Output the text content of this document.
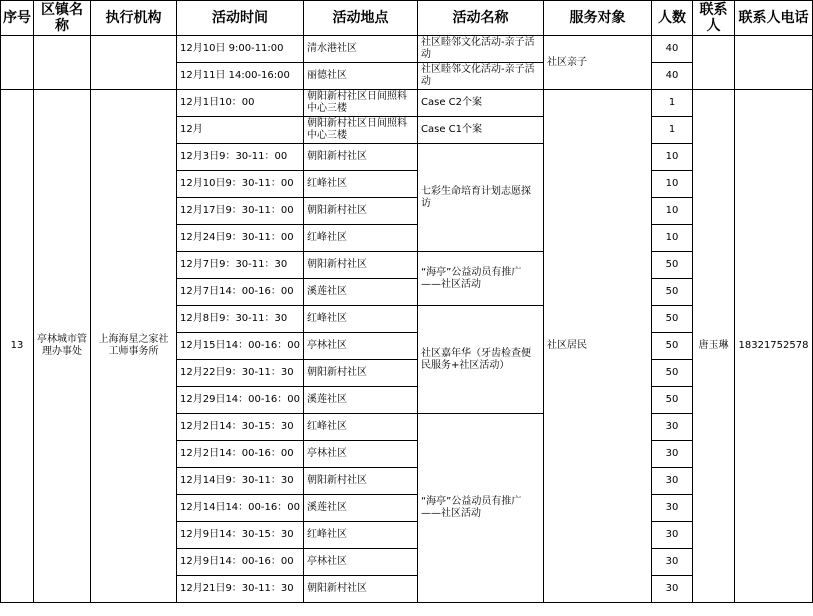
序号	区镇名称	执行机构	活动时间	活动地点	活动名称	服务对象	人数	联系人	联系人电话
			12月10日 9:00-11:00	清水港社区	社区睦邻文化活动-亲子活动	社区亲子	40		
			12月11日 14:00-16:00	丽德社区	社区睦邻文化活动-亲子活动		40		
13	亭林城市管理办事处	上海海星之家社工师事务所	12月1日10：00	朝阳新村社区日间照料中心三楼	Case C2个案	社区居民	1	唐玉琳	18321752578
			12月	朝阳新村社区日间照料中心三楼	Case C1个案		1		
			12月3日9：30-11：00	朝阳新村社区	七彩生命培育计划志愿探访		10		
			12月10日9：30-11：00	红峰社区			10		
			12月17日9：30-11：00	朝阳新村社区			10		
			12月24日9：30-11：00	红峰社区			10		
			12月7日9：30-11：30	朝阳新村社区	“海亭”公益动员有推广——社区活动		50		
			12月7日14：00-16：00	溪莲社区			50		
			12月8日9：30-11：30	红峰社区	社区嘉年华（牙齿检查便民服务+社区活动）		50		
			12月15日14：00-16：00	亭林社区			50		
			12月22日9：30-11：30	朝阳新村社区			50		
			12月29日14：00-16：00	溪莲社区			50		
			12月2日14：30-15：30	红峰社区	“海亭”公益动员有推广——社区活动		30		
			12月2日14：00-16：00	亭林社区			30		
			12月14日9：30-11：30	朝阳新村社区			30		
			12月14日14：00-16：00	溪莲社区			30		
			12月9日14：30-15：30	红峰社区			30		
			12月9日14：00-16：00	亭林社区			30		
			12月21日9：30-11：30	朝阳新村社区			30		
